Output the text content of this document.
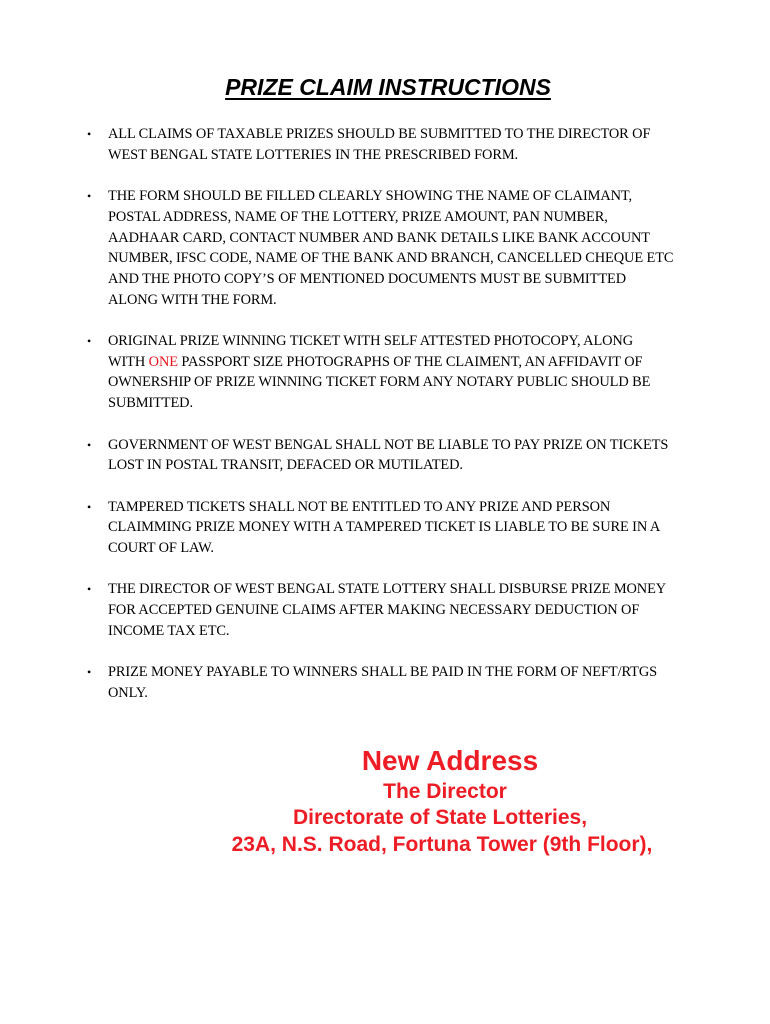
PRIZE CLAIM INSTRUCTIONS
• ALL CLAIMS OF TAXABLE PRIZES SHOULD BE SUBMITTED TO THE DIRECTOR OF
WEST BENGAL STATE LOTTERIES IN THE PRESCRIBED FORM.
• THE FORM SHOULD BE FILLED CLEARLY SHOWING THE NAME OF CLAIMANT,
POSTAL ADDRESS, NAME OF THE LOTTERY, PRIZE AMOUNT, PAN NUMBER,
AADHAAR CARD, CONTACT NUMBER AND BANK DETAILS LIKE BANK ACCOUNT
NUMBER, IFSC CODE, NAME OF THE BANK AND BRANCH, CANCELLED CHEQUE ETC
AND THE PHOTO COPY’S OF MENTIONED DOCUMENTS MUST BE SUBMITTED
ALONG WITH THE FORM.
• ORIGINAL PRIZE WINNING TICKET WITH SELF ATTESTED PHOTOCOPY, ALONG
WITH ONE PASSPORT SIZE PHOTOGRAPHS OF THE CLAIMENT, AN AFFIDAVIT OF
OWNERSHIP OF PRIZE WINNING TICKET FORM ANY NOTARY PUBLIC SHOULD BE
SUBMITTED.
• GOVERNMENT OF WEST BENGAL SHALL NOT BE LIABLE TO PAY PRIZE ON TICKETS
LOST IN POSTAL TRANSIT, DEFACED OR MUTILATED.
• TAMPERED TICKETS SHALL NOT BE ENTITLED TO ANY PRIZE AND PERSON
CLAIMMING PRIZE MONEY WITH A TAMPERED TICKET IS LIABLE TO BE SURE IN A
COURT OF LAW.
• THE DIRECTOR OF WEST BENGAL STATE LOTTERY SHALL DISBURSE PRIZE MONEY
FOR ACCEPTED GENUINE CLAIMS AFTER MAKING NECESSARY DEDUCTION OF
INCOME TAX ETC.
• PRIZE MONEY PAYABLE TO WINNERS SHALL BE PAID IN THE FORM OF NEFT/RTGS
ONLY.
New Address
The Director
Directorate of State Lotteries,
23A, N.S. Road, Fortuna Tower (9th Floor),
